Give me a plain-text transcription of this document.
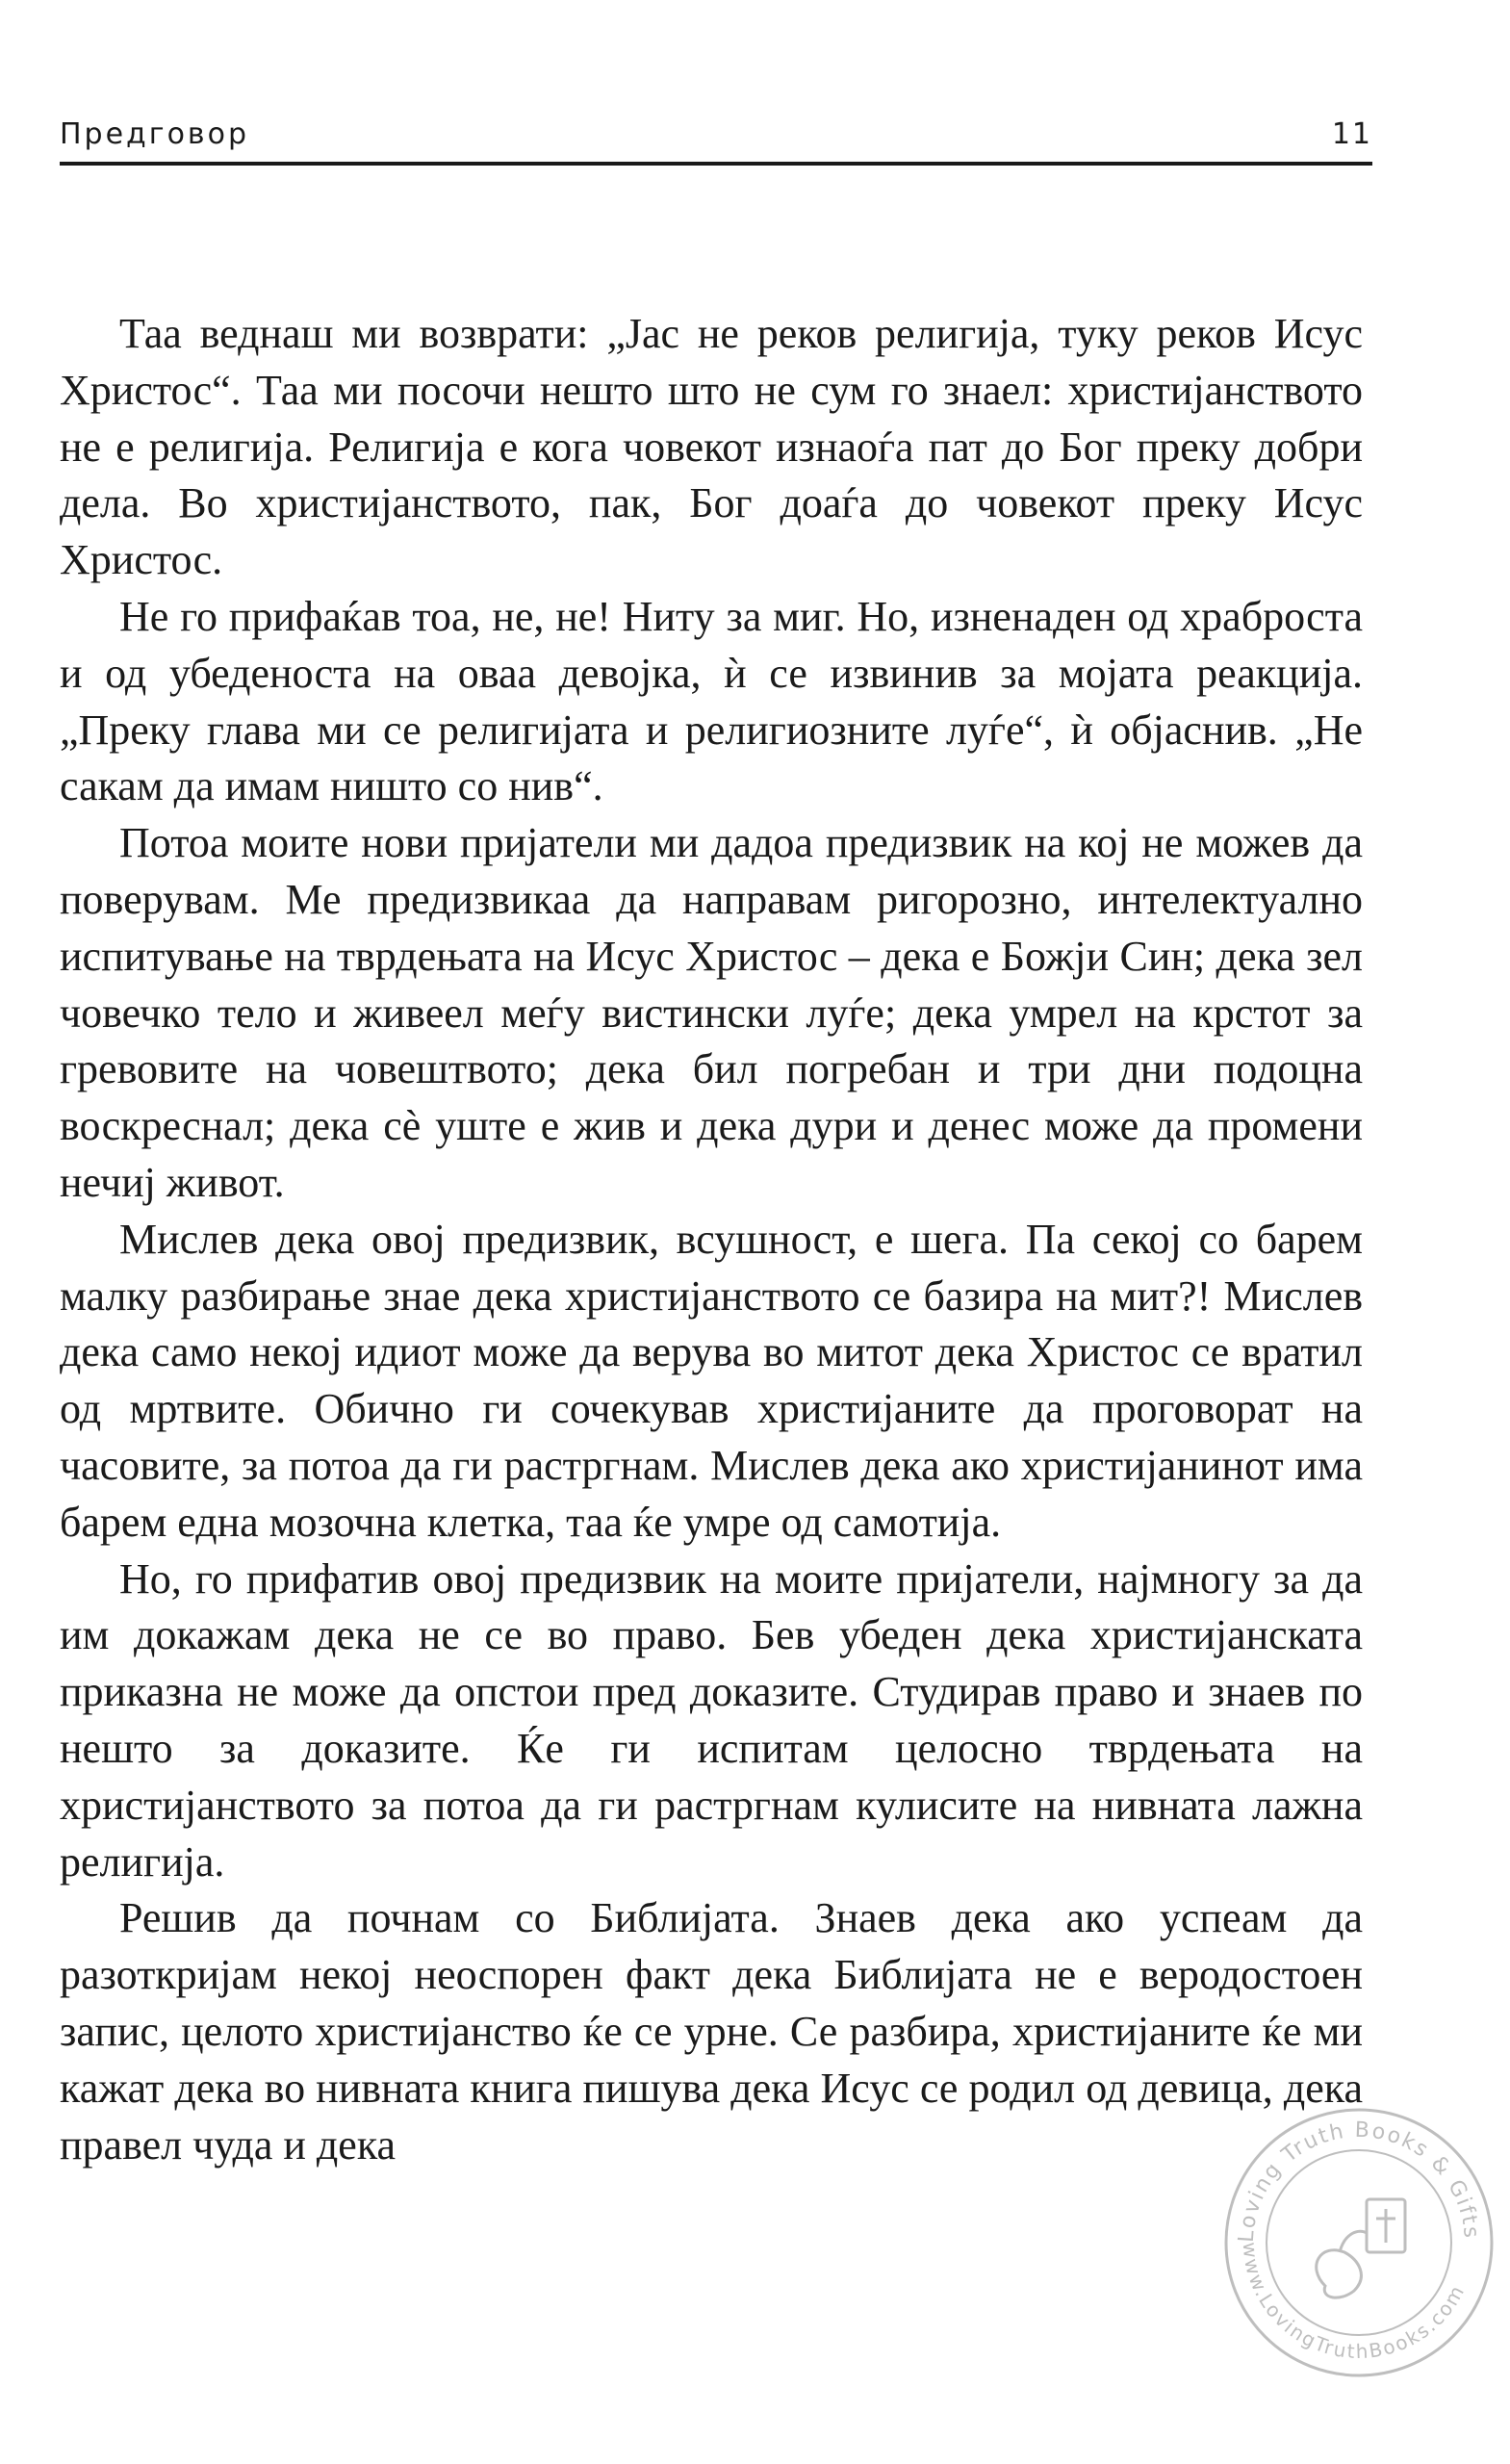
Предговор	11

Таа веднаш ми возврати: „Јас не реков религија, туку реков Исус Христос“. Таа ми посочи нешто што не сум го знаел: христијанството не е религија. Религија е кога човекот изнаоѓа пат до Бог преку добри дела. Во христијанството, пак, Бог доаѓа до човекот преку Исус Христос.

Не го прифаќав тоа, не, не! Ниту за миг. Но, изненаден од храброста и од убеденоста на оваа девојка, ѝ се извинив за мојата реакција. „Преку глава ми се религијата и религиозните луѓе“, ѝ објаснив. „Не сакам да имам ништо со нив“.

Потоа моите нови пријатели ми дадоа предизвик на кој не можев да поверувам. Ме предизвикаа да направам ригорозно, интелектуално испитување на тврдењата на Исус Христос – дека е Божји Син; дека зел човечко тело и живеел меѓу вистински луѓе; дека умрел на крстот за гревовите на човештвото; дека бил погребан и три дни подоцна воскреснал; дека сè уште е жив и дека дури и денес може да промени нечиј живот.

Мислев дека овој предизвик, всушност, е шега. Па секој со барем малку разбирање знае дека христијанството се базира на мит?! Мислев дека само некој идиот може да верува во митот дека Христос се вратил од мртвите. Обично ги сочекував христијаните да проговорат на часовите, за потоа да ги растргнам. Мислев дека ако христијанинот има барем една мозочна клетка, таа ќе умре од самотија.

Но, го прифатив овој предизвик на моите пријатели, најмногу за да им докажам дека не се во право. Бев убеден дека христијанската приказна не може да опстои пред доказите. Студирав право и знаев по нешто за доказите. Ќе ги испитам целосно тврдењата на христијанството за потоа да ги растргнам кулисите на нивната лажна религија.

Решив да почнам со Библијата. Знаев дека ако успеам да разоткријам некој неоспорен факт дека Библијата не е веродостоен запис, целото христијанство ќе се урне. Се разбира, христијаните ќе ми кажат дека во нивната книга пишува дека Исус се родил од девица, дека правел чуда и дека

Loving Truth Books & Gifts
www.LovingTruthBooks.com
